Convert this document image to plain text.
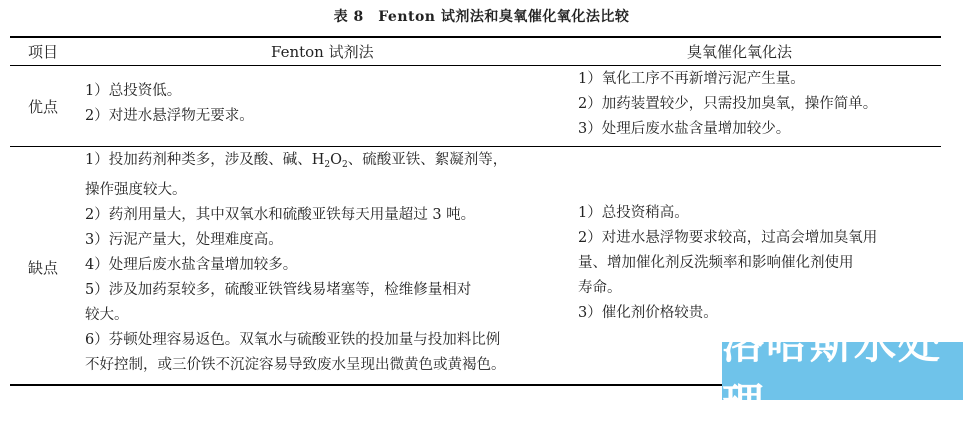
表 8　Fenton 试剂法和臭氧催化氧化法比较
项目	Fenton 试剂法	臭氧催化氧化法
优点
1）总投资低。
2）对进水悬浮物无要求。
1）氧化工序不再新增污泥产生量。
2）加药装置较少，只需投加臭氧，操作简单。
3）处理后废水盐含量增加较少。
缺点
1）投加药剂种类多，涉及酸、碱、$H_2O_2$、硫酸亚铁、絮凝剂等，
操作强度较大。
2）药剂用量大，其中双氧水和硫酸亚铁每天用量超过 3 吨。
3）污泥产量大，处理难度高。
4）处理后废水盐含量增加较多。
5）涉及加药泵较多，硫酸亚铁管线易堵塞等，检维修量相对
较大。
6）芬顿处理容易返色。双氧水与硫酸亚铁的投加量与投加料比例
不好控制，或三价铁不沉淀容易导致废水呈现出微黄色或黄褐色。
1）总投资稍高。
2）对进水悬浮物要求较高，过高会增加臭氧用
量、增加催化剂反洗频率和影响催化剂使用
寿命。
3）催化剂价格较贵。
洛哈斯水处理
